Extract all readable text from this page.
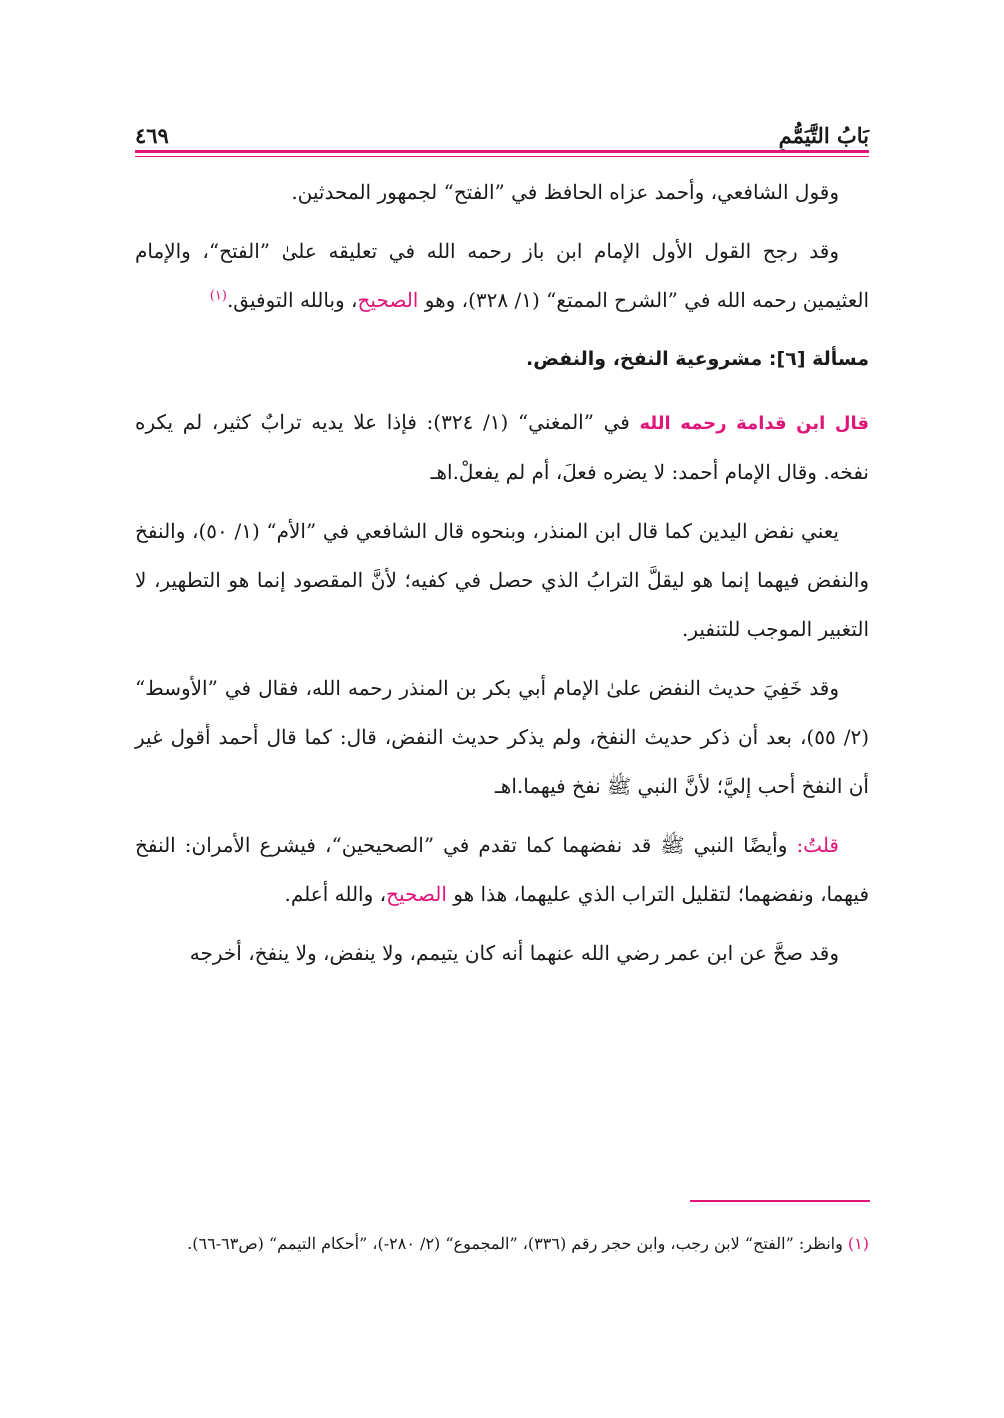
بَابُ التَّيَمُّمِ
٤٦٩

وقول الشافعي، وأحمد عزاه الحافظ في ”الفتح“ لجمهور المحدثين.

وقد رجح القول الأول الإمام ابن باز رحمه الله في تعليقه علىٰ ”الفتح“، والإمام العثيمين رحمه الله في ”الشرح الممتع“ (١/ ٣٢٨)، وهو الصحيح، وبالله التوفيق.$^{(١)}$

مسألة [٦]: مشروعية النفخ، والنفض.

قال ابن قدامة رحمه الله في ”المغني“ (١/ ٣٢٤): فإذا علا يديه ترابٌ كثير، لم يكره نفخه. وقال الإمام أحمد: لا يضره فعلَ، أم لم يفعلْ.اهـ

يعني نفض اليدين كما قال ابن المنذر، وبنحوه قال الشافعي في ”الأم“ (١/ ٥٠)، والنفخ والنفض فيهما إنما هو ليقلَّ الترابُ الذي حصل في كفيه؛ لأنَّ المقصود إنما هو التطهير، لا التغبير الموجب للتنفير.

وقد خَفِيَ حديث النفض علىٰ الإمام أبي بكر بن المنذر رحمه الله، فقال في ”الأوسط“ (٢/ ٥٥)، بعد أن ذكر حديث النفخ، ولم يذكر حديث النفض، قال: كما قال أحمد أقول غير أن النفخ أحب إليَّ؛ لأنَّ النبي ﷺ نفخ فيهما.اهـ

قلتُ: وأيضًا النبي ﷺ قد نفضهما كما تقدم في ”الصحيحين“، فيشرع الأمران: النفخ فيهما، ونفضهما؛ لتقليل التراب الذي عليهما، هذا هو الصحيح، والله أعلم.

وقد صحَّ عن ابن عمر رضي الله عنهما أنه كان يتيمم، ولا ينفض، ولا ينفخ، أخرجه

(١) وانظر: ”الفتح“ لابن رجب، وابن حجر رقم (٣٣٦)، ”المجموع“ (٢/ ٢٨٠-)، ”أحكام التيمم“ (ص٦٣-٦٦).
